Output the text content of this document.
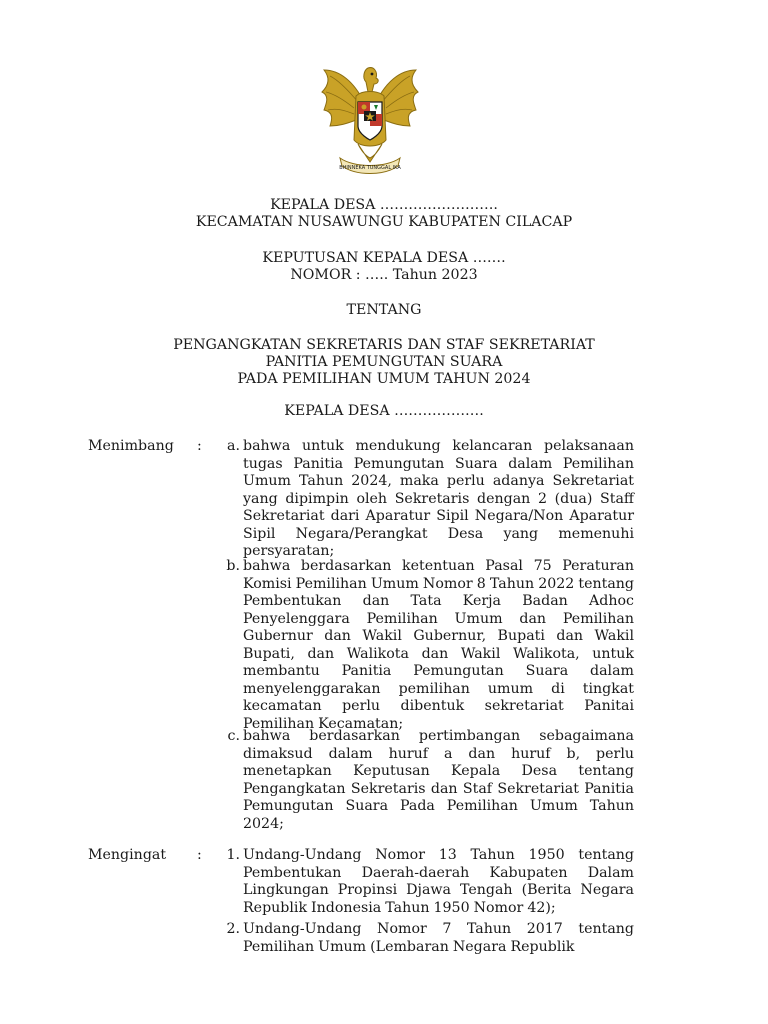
BHINNEKA TUNGGAL IKA
KEPALA DESA …………………….
KECAMATAN NUSAWUNGU KABUPATEN CILACAP
KEPUTUSAN KEPALA DESA …….
NOMOR : ….. Tahun 2023
TENTANG
PENGANGKATAN SEKRETARIS DAN STAF SEKRETARIAT
PANITIA PEMUNGUTAN SUARA
PADA PEMILIHAN UMUM TAHUN 2024
KEPALA DESA ……………….
Menimbang :	a. bahwa untuk mendukung kelancaran pelaksanaan tugas Panitia Pemungutan Suara dalam Pemilihan Umum Tahun 2024, maka perlu adanya Sekretariat yang dipimpin oleh Sekretaris dengan 2 (dua) Staff Sekretariat dari Aparatur Sipil Negara/Non Aparatur Sipil Negara/Perangkat Desa yang memenuhi persyaratan;
b. bahwa berdasarkan ketentuan Pasal 75 Peraturan Komisi Pemilihan Umum Nomor 8 Tahun 2022 tentang Pembentukan dan Tata Kerja Badan Adhoc Penyelenggara Pemilihan Umum dan Pemilihan Gubernur dan Wakil Gubernur, Bupati dan Wakil Bupati, dan Walikota dan Wakil Walikota, untuk membantu Panitia Pemungutan Suara dalam menyelenggarakan pemilihan umum di tingkat kecamatan perlu dibentuk sekretariat Panitai Pemilihan Kecamatan;
c. bahwa berdasarkan pertimbangan sebagaimana dimaksud dalam huruf a dan huruf b, perlu menetapkan Keputusan Kepala Desa tentang Pengangkatan Sekretaris dan Staf Sekretariat Panitia Pemungutan Suara Pada Pemilihan Umum Tahun 2024;
Mengingat :	1. Undang-Undang Nomor 13 Tahun 1950 tentang Pembentukan Daerah-daerah Kabupaten Dalam Lingkungan Propinsi Djawa Tengah (Berita Negara Republik Indonesia Tahun 1950 Nomor 42);
2. Undang-Undang Nomor 7 Tahun 2017 tentang Pemilihan Umum (Lembaran Negara Republik
